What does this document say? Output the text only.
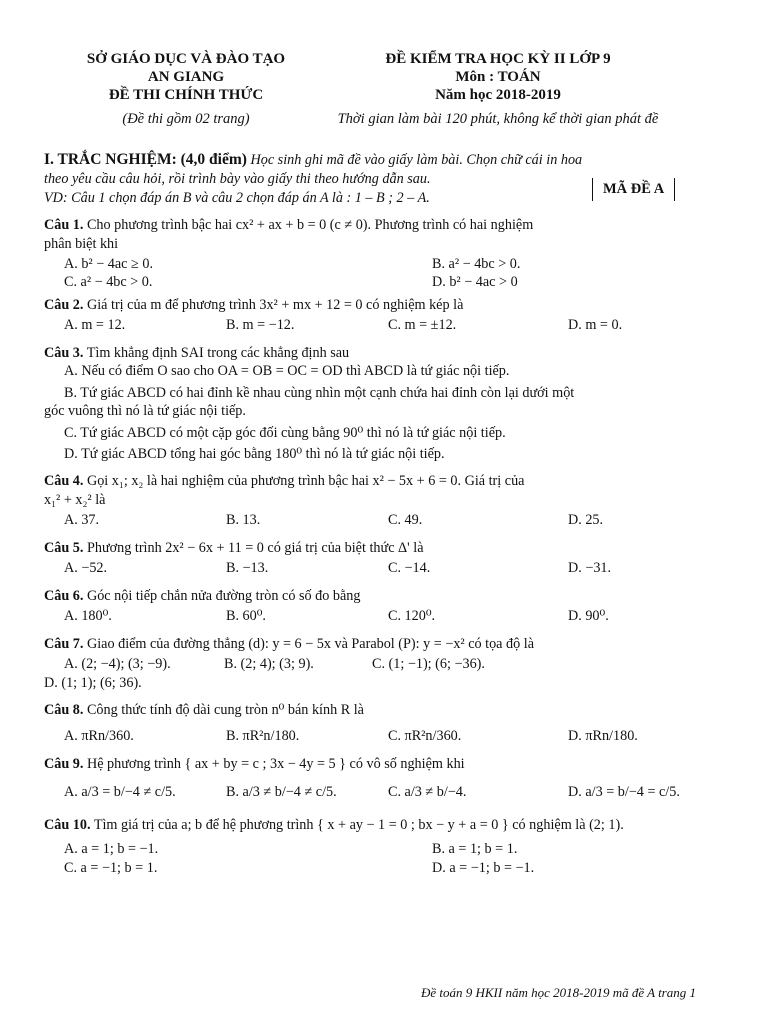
SỞ GIÁO DỤC VÀ ĐÀO TẠO
AN GIANG
ĐỀ THI CHÍNH THỨC
(Đề thi gồm 02 trang)
ĐỀ KIỂM TRA HỌC KỲ II LỚP 9
Môn : TOÁN
Năm học 2018-2019
Thời gian làm bài 120 phút, không kể thời gian phát đề
MÃ ĐỀ A
I. TRẮC NGHIỆM: (4,0 điểm) Học sinh ghi mã đề vào giấy làm bài. Chọn chữ cái in hoa
theo yêu cầu câu hỏi, rồi trình bày vào giấy thi theo hướng dẫn sau.
VD: Câu 1 chọn đáp án B và câu 2 chọn đáp án A là : 1 – B ; 2 – A.
Câu 1. Cho phương trình bậc hai cx² + ax + b = 0 (c ≠ 0). Phương trình có hai nghiệm
phân biệt khi
A. b² − 4ac ≥ 0.	B. a² − 4bc > 0.
C. a² − 4bc > 0.	D. b² − 4ac > 0
Câu 2. Giá trị của m để phương trình 3x² + mx + 12 = 0 có nghiệm kép là
A. m = 12.	B. m = −12.	C. m = ±12.	D. m = 0.
Câu 3. Tìm khẳng định SAI trong các khẳng định sau
A. Nếu có điểm O sao cho OA = OB = OC = OD thì ABCD là tứ giác nội tiếp.
B. Tứ giác ABCD có hai đỉnh kề nhau cùng nhìn một cạnh chứa hai đỉnh còn lại dưới một
góc vuông thì nó là tứ giác nội tiếp.
C. Tứ giác ABCD có một cặp góc đối cùng bằng 90⁰ thì nó là tứ giác nội tiếp.
D. Tứ giác ABCD tổng hai góc bằng 180⁰ thì nó là tứ giác nội tiếp.
Câu 4. Gọi x₁; x₂ là hai nghiệm của phương trình bậc hai x² − 5x + 6 = 0. Giá trị của
x₁² + x₂² là
A. 37.	B. 13.	C. 49.	D. 25.
Câu 5. Phương trình 2x² − 6x + 11 = 0 có giá trị của biệt thức Δ' là
A. −52.	B. −13.	C. −14.	D. −31.
Câu 6. Góc nội tiếp chắn nửa đường tròn có số đo bằng
A. 180⁰.	B. 60⁰.	C. 120⁰.	D. 90⁰.
Câu 7. Giao điểm của đường thẳng (d): y = 6 − 5x và Parabol (P): y = −x² có tọa độ là
A. (2; −4); (3; −9).	B. (2; 4); (3; 9).	C. (1; −1); (6; −36).
D. (1; 1); (6; 36).
Câu 8. Công thức tính độ dài cung tròn n⁰ bán kính R là
A. πRn/360.	B. πR²n/180.	C. πR²n/360.	D. πRn/180.
Câu 9. Hệ phương trình { ax + by = c ; 3x − 4y = 5 } có vô số nghiệm khi
A. a/3 = b/−4 ≠ c/5.	B. a/3 ≠ b/−4 ≠ c/5.	C. a/3 ≠ b/−4.	D. a/3 = b/−4 = c/5.
Câu 10. Tìm giá trị của a; b để hệ phương trình { x + ay − 1 = 0 ; bx − y + a = 0 } có nghiệm là (2; 1).
A. a = 1; b = −1.	B. a = 1; b = 1.
C. a = −1; b = 1.	D. a = −1; b = −1.
Đề toán 9 HKII năm học 2018-2019 mã đề A trang 1
